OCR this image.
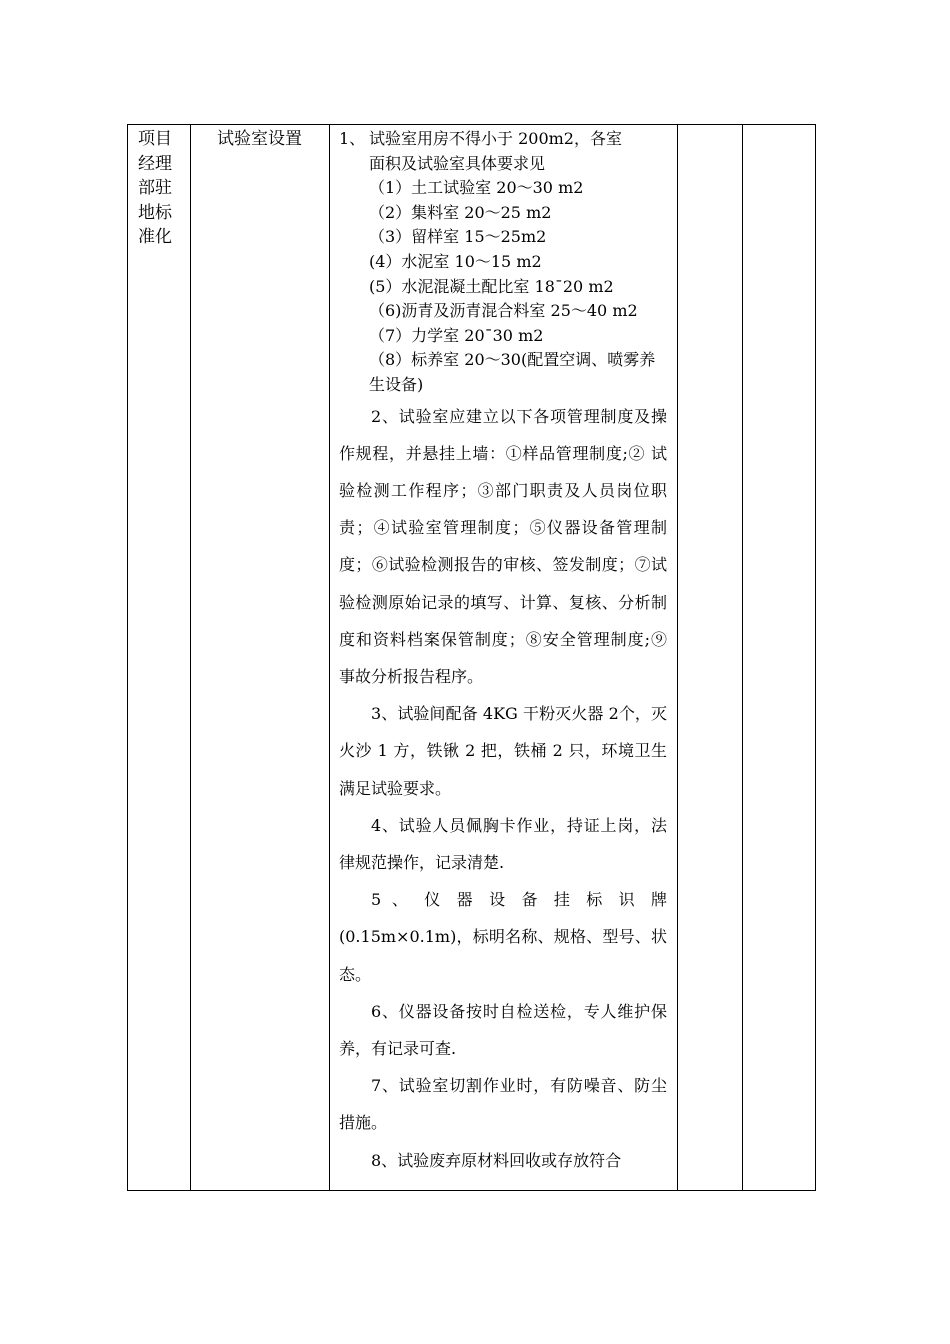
项目经理部驻地标准化
试验室设置	1、 试验室用房不得小于 200m2，各室
面积及试验室具体要求见
（1）土工试验室 20～30 m2
（2）集料室 20～25 m2
（3）留样室 15～25m2
(4）水泥室 10～15 m2
(5）水泥混凝土配比室 18¯20 m2
（6)沥青及沥青混合料室 25～40 m2
（7）力学室 20¯30 m2
（8）标养室 20～30(配置空调、喷雾养生设备)
2、试验室应建立以下各项管理制度及操作规程，并悬挂上墙：①样品管理制度;② 试验检测工作程序；③部门职责及人员岗位职责；④试验室管理制度；⑤仪器设备管理制度；⑥试验检测报告的审核、签发制度；⑦试验检测原始记录的填写、计算、复核、分析制度和资料档案保管制度；⑧安全管理制度;⑨ 事故分析报告程序。
3、试验间配备 4KG 干粉灭火器 2个，灭火沙 1 方，铁锹 2 把，铁桶 2 只，环境卫生满足试验要求。
4、试验人员佩胸卡作业，持证上岗，法律规范操作，记录清楚.
5 、 仪 器 设 备 挂 标 识 牌
(0.15m×0.1m)，标明名称、规格、型号、状态。
6、仪器设备按时自检送检，专人维护保养，有记录可查.
7、试验室切割作业时，有防噪音、防尘措施。
8、试验废弃原材料回收或存放符合
